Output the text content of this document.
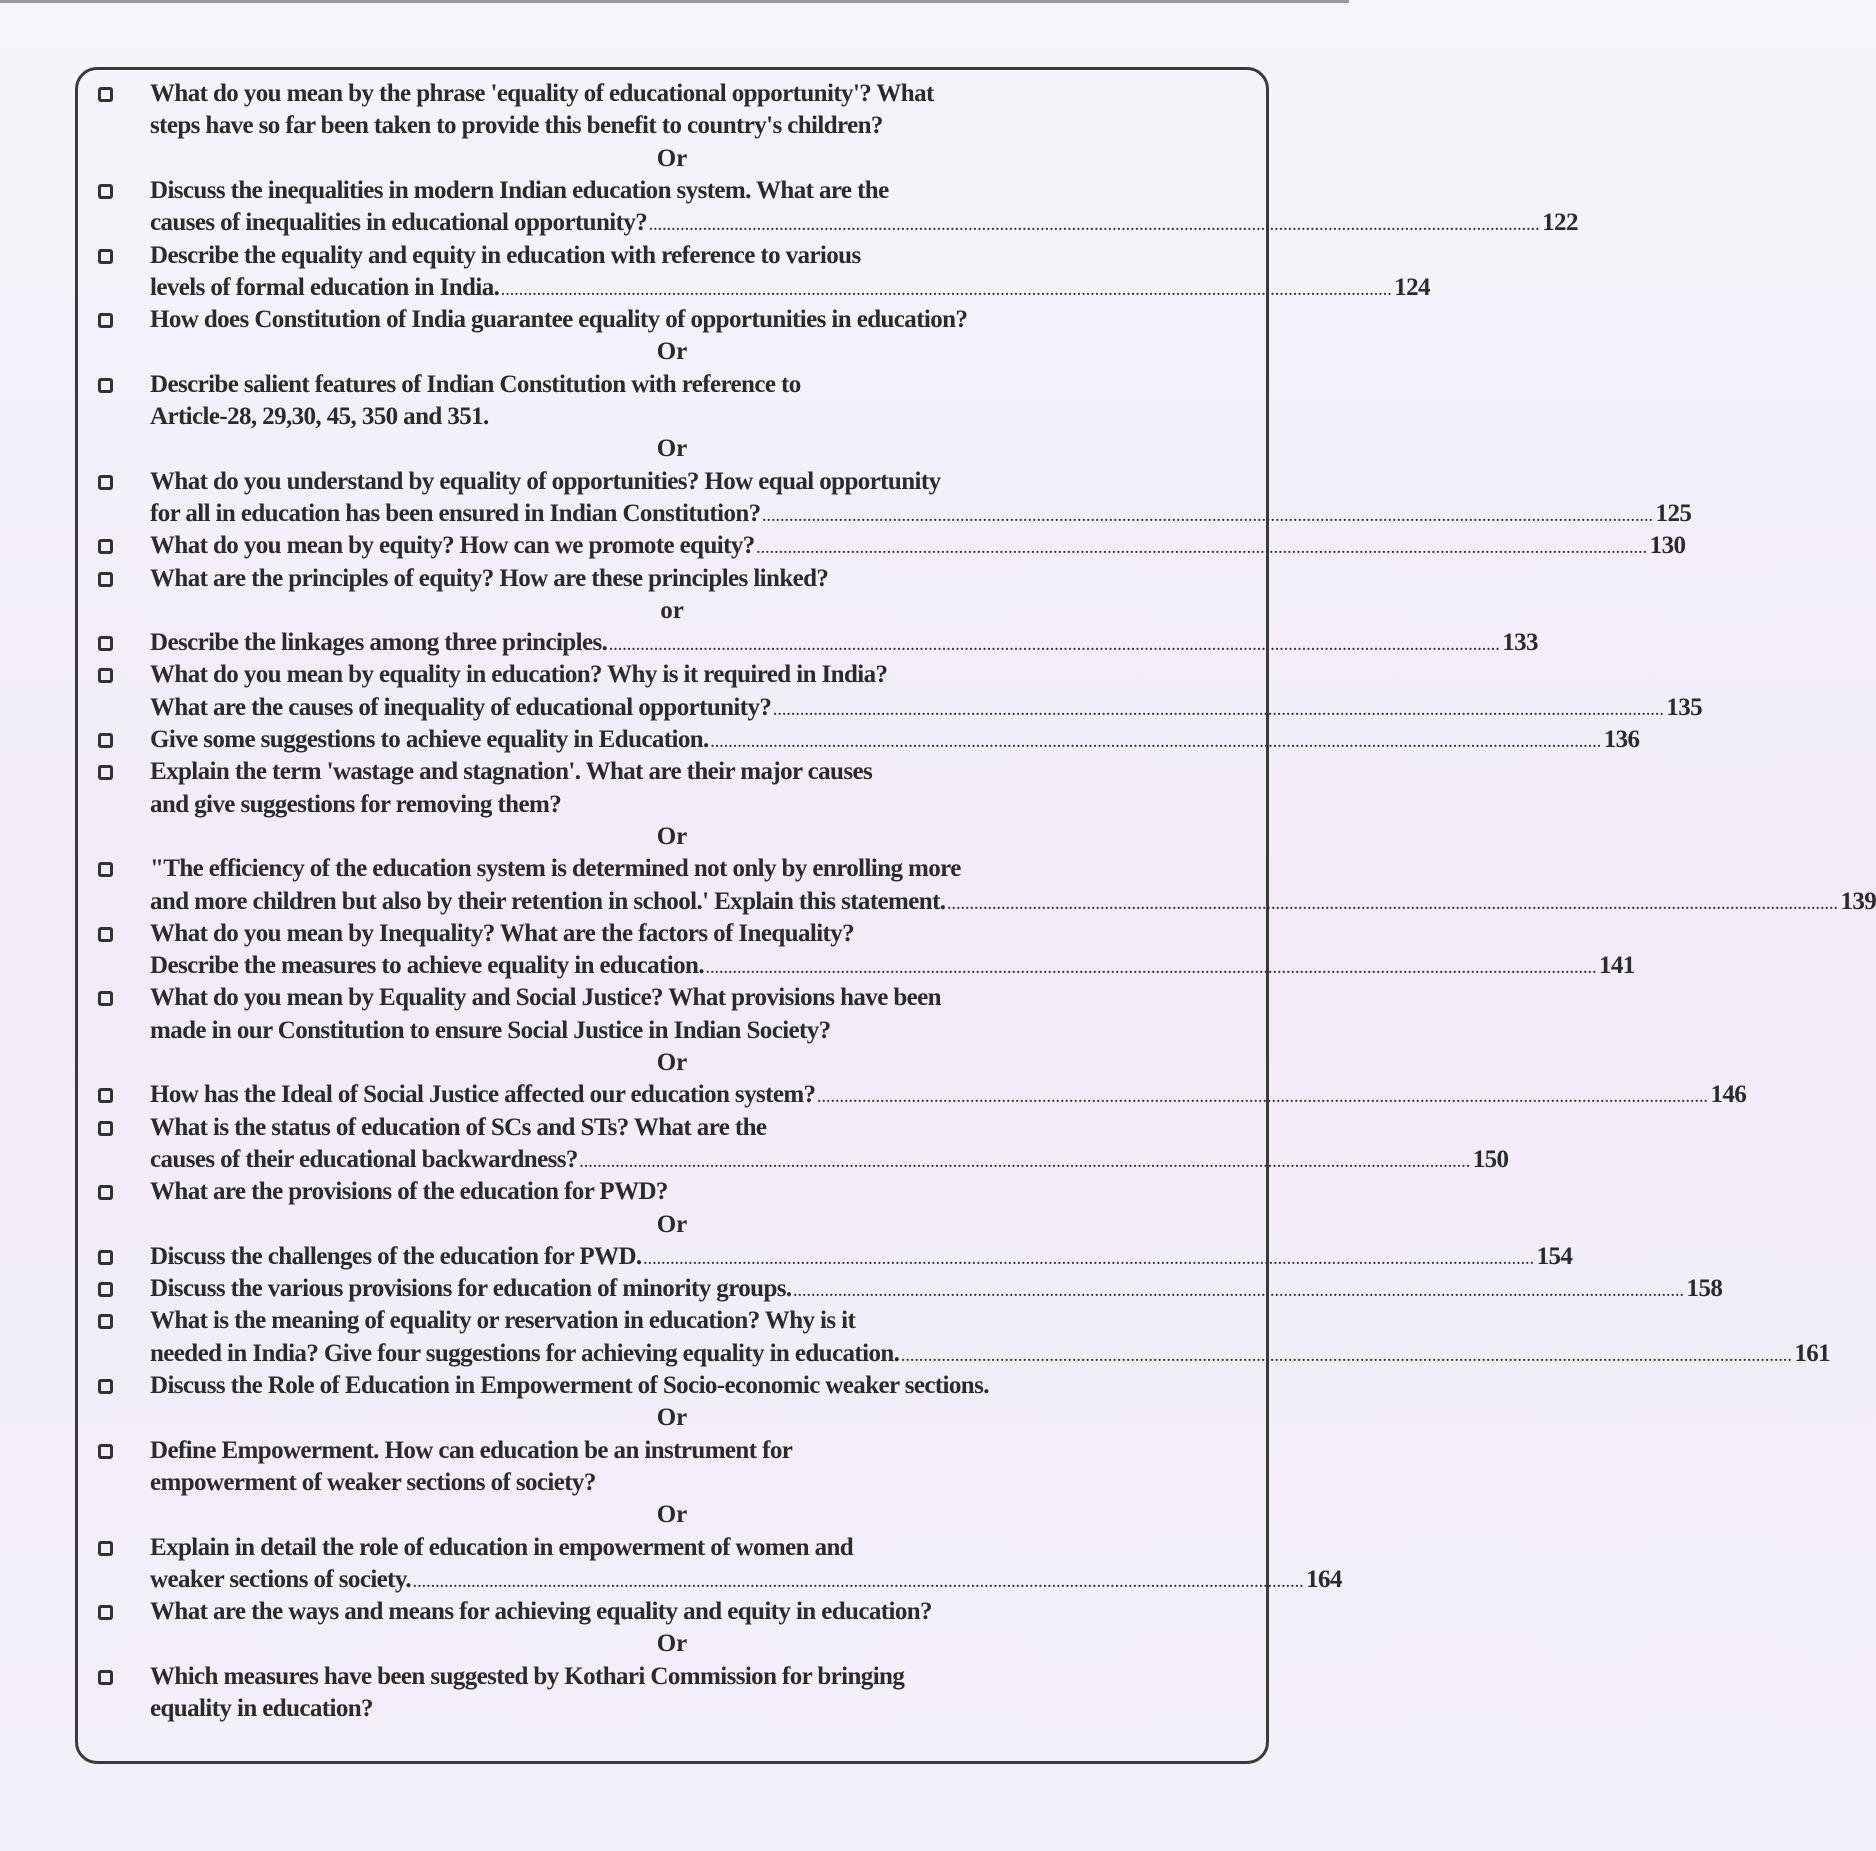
What do you mean by the phrase 'equality of educational opportunity'? What
steps have so far been taken to provide this benefit to country's children?
Or
Discuss the inequalities in modern Indian education system. What are the
causes of inequalities in educational opportunity? ...................................................................................................................................................................................................... 122
Describe the equality and equity in education with reference to various
levels of formal education in India. ...................................................................................................................................................................................................... 124
How does Constitution of India guarantee equality of opportunities in education?
Or
Describe salient features of Indian Constitution with reference to
Article-28, 29,30, 45, 350 and 351.
Or
What do you understand by equality of opportunities? How equal opportunity
for all in education has been ensured in Indian Constitution? ...................................................................................................................................................................................................... 125
What do you mean by equity? How can we promote equity? ...................................................................................................................................................................................................... 130
What are the principles of equity? How are these principles linked?
or
Describe the linkages among three principles. ...................................................................................................................................................................................................... 133
What do you mean by equality in education? Why is it required in India?
What are the causes of inequality of educational opportunity? ...................................................................................................................................................................................................... 135
Give some suggestions to achieve equality in Education. ...................................................................................................................................................................................................... 136
Explain the term 'wastage and stagnation'. What are their major causes
and give suggestions for removing them?
Or
"The efficiency of the education system is determined not only by enrolling more
and more children but also by their retention in school.' Explain this statement. ...................................................................................................................................................................................................... 139
What do you mean by Inequality? What are the factors of Inequality?
Describe the measures to achieve equality in education. ...................................................................................................................................................................................................... 141
What do you mean by Equality and Social Justice? What provisions have been
made in our Constitution to ensure Social Justice in Indian Society?
Or
How has the Ideal of Social Justice affected our education system? ...................................................................................................................................................................................................... 146
What is the status of education of SCs and STs? What are the
causes of their educational backwardness? ...................................................................................................................................................................................................... 150
What are the provisions of the education for PWD?
Or
Discuss the challenges of the education for PWD. ...................................................................................................................................................................................................... 154
Discuss the various provisions for education of minority groups. ...................................................................................................................................................................................................... 158
What is the meaning of equality or reservation in education? Why is it
needed in India? Give four suggestions for achieving equality in education. ...................................................................................................................................................................................................... 161
Discuss the Role of Education in Empowerment of Socio-economic weaker sections.
Or
Define Empowerment. How can education be an instrument for
empowerment of weaker sections of society?
Or
Explain in detail the role of education in empowerment of women and
weaker sections of society. ...................................................................................................................................................................................................... 164
What are the ways and means for achieving equality and equity in education?
Or
Which measures have been suggested by Kothari Commission for bringing
equality in education?
